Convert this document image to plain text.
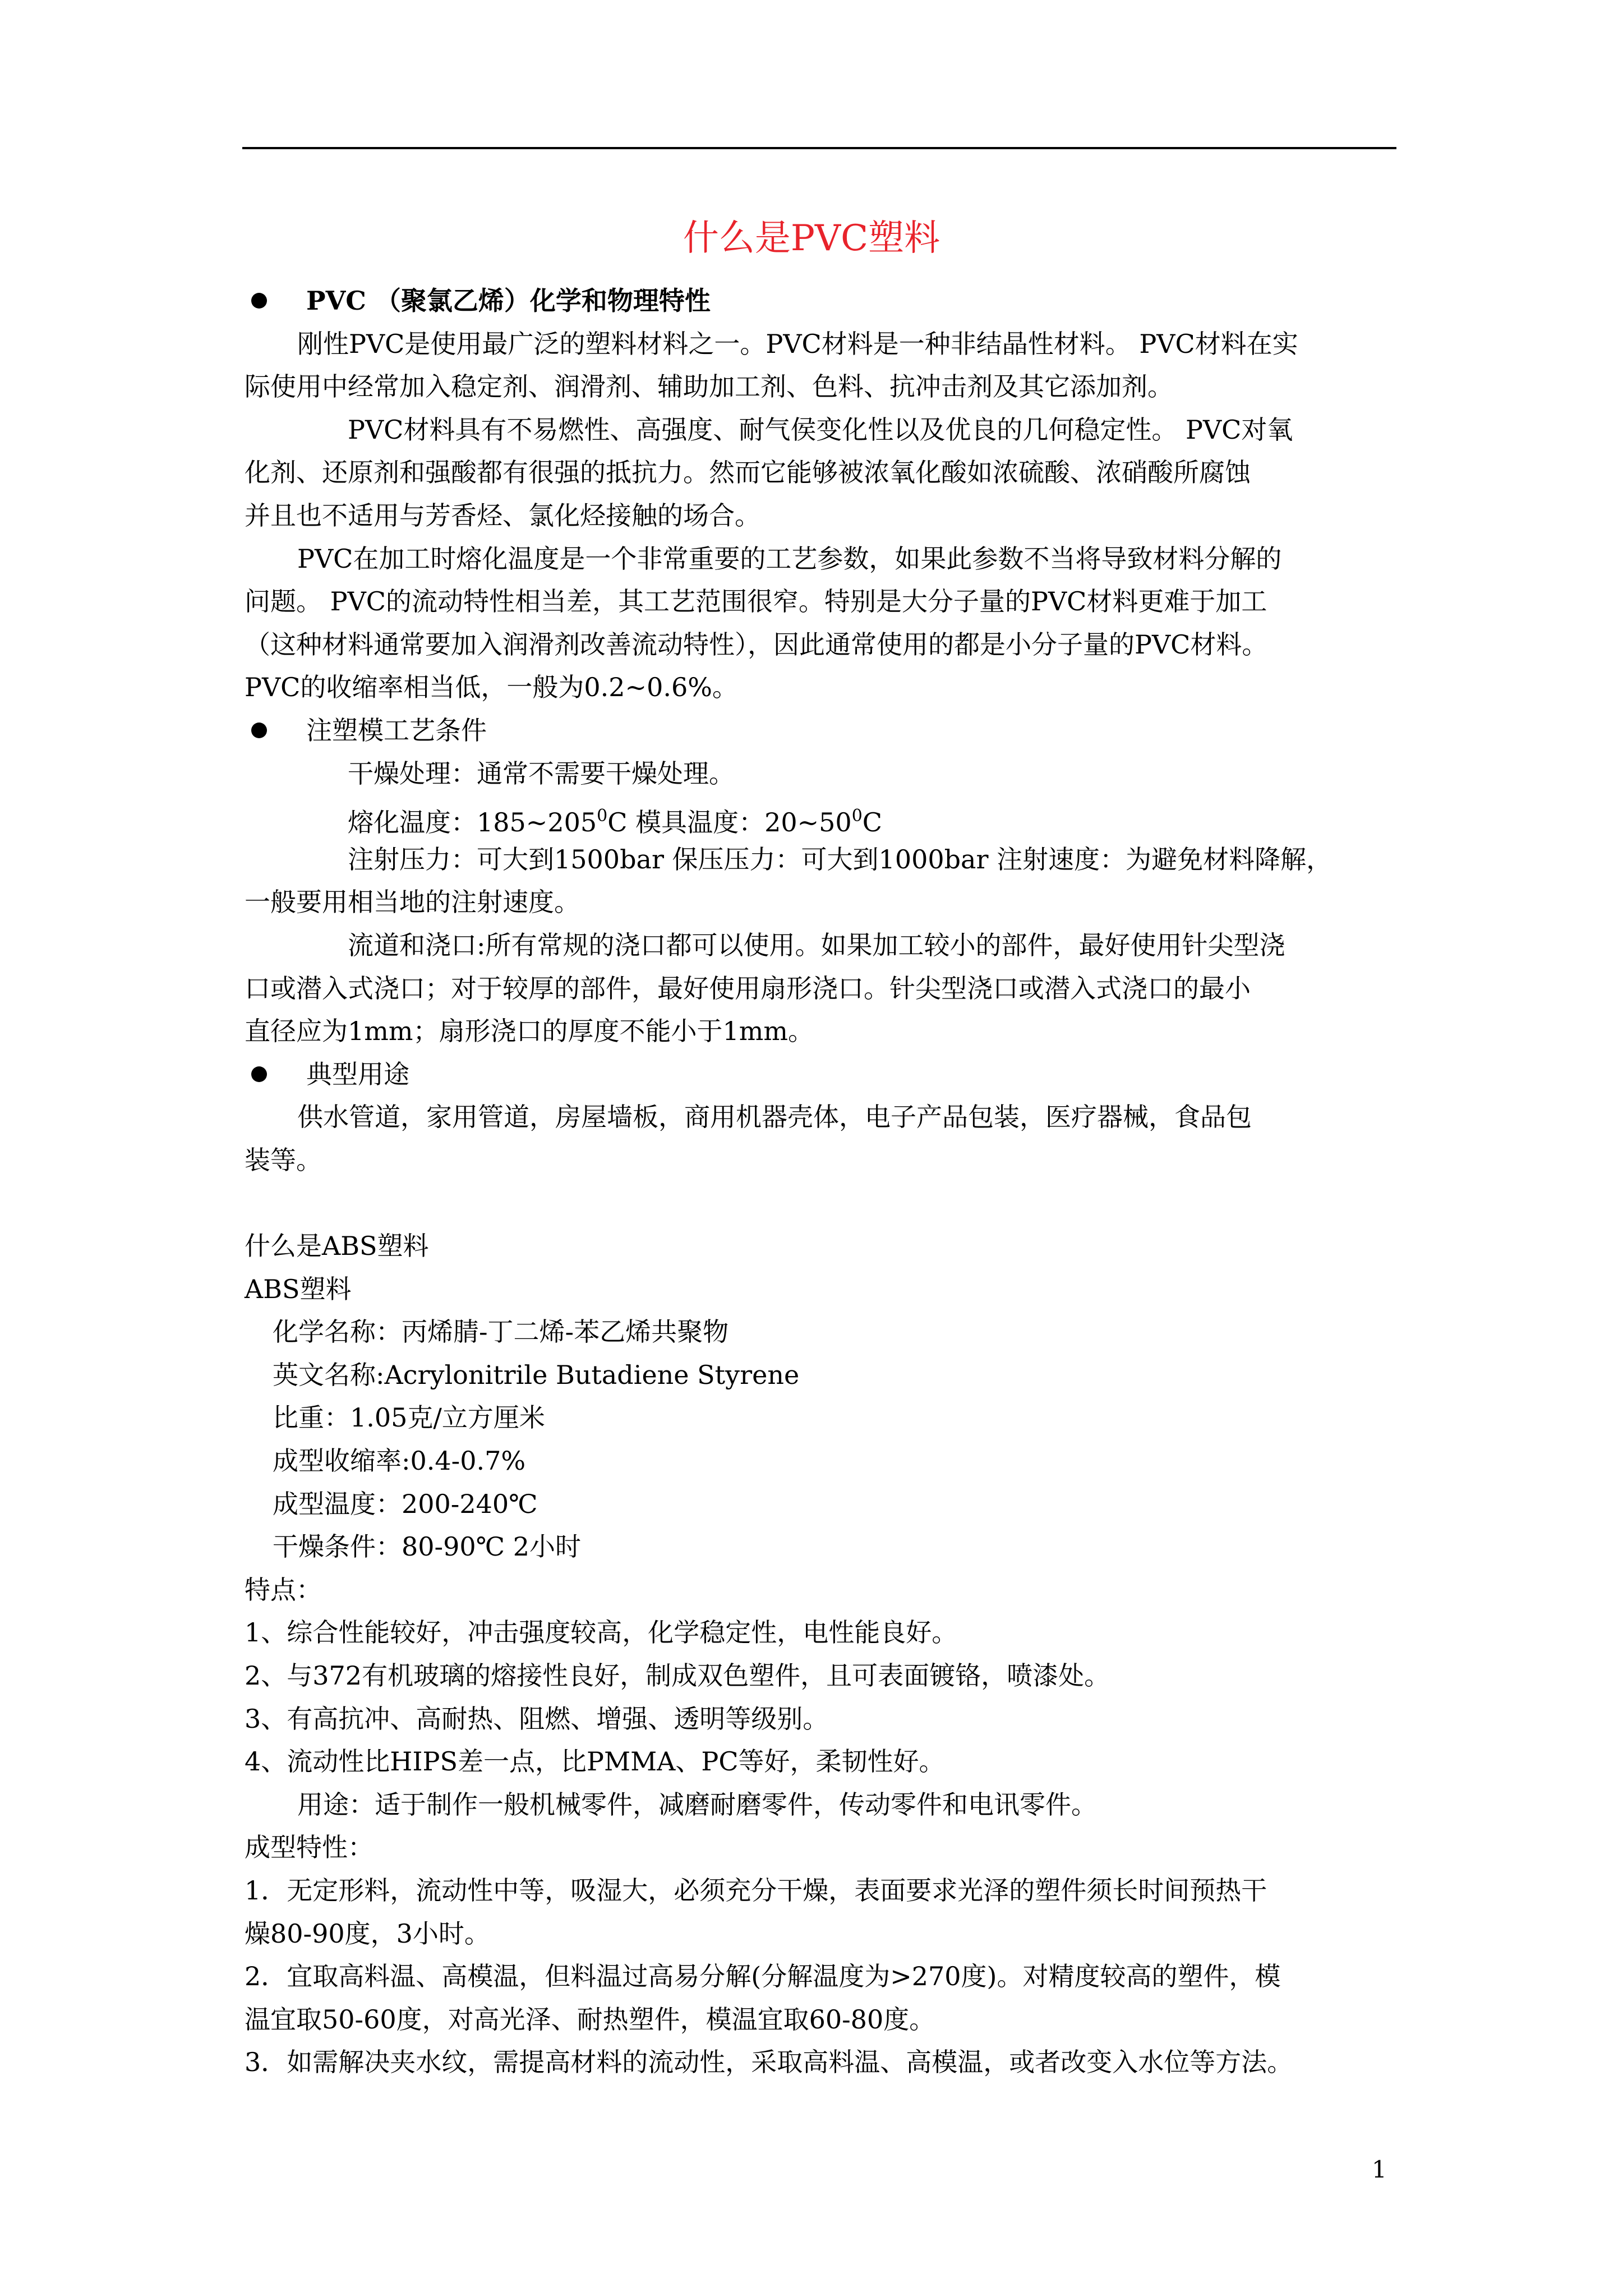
什么是PVC塑料
PVC （聚氯乙烯）化学和物理特性
刚性PVC是使用最广泛的塑料材料之一。PVC材料是一种非结晶性材料。 PVC材料在实
际使用中经常加入稳定剂、润滑剂、辅助加工剂、色料、抗冲击剂及其它添加剂。
PVC材料具有不易燃性、高强度、耐气侯变化性以及优良的几何稳定性。 PVC对氧
化剂、还原剂和强酸都有很强的抵抗力。然而它能够被浓氧化酸如浓硫酸、浓硝酸所腐蚀
并且也不适用与芳香烃、氯化烃接触的场合。
PVC在加工时熔化温度是一个非常重要的工艺参数，如果此参数不当将导致材料分解的
问题。 PVC的流动特性相当差，其工艺范围很窄。特别是大分子量的PVC材料更难于加工
（这种材料通常要加入润滑剂改善流动特性），因此通常使用的都是小分子量的PVC材料。
PVC的收缩率相当低，一般为0.2~0.6%。
注塑模工艺条件
干燥处理：通常不需要干燥处理。
熔化温度：$185\sim 205^0C$ 模具温度：$20\sim 50^0C$
注射压力：可大到1500bar 保压压力：可大到1000bar 注射速度：为避免材料降解，
一般要用相当地的注射速度。
流道和浇口:所有常规的浇口都可以使用。如果加工较小的部件，最好使用针尖型浇
口或潜入式浇口；对于较厚的部件，最好使用扇形浇口。针尖型浇口或潜入式浇口的最小
直径应为1mm；扇形浇口的厚度不能小于1mm。
典型用途
供水管道，家用管道，房屋墙板，商用机器壳体，电子产品包装，医疗器械，食品包
装等。
什么是ABS塑料
ABS塑料
化学名称：丙烯腈-丁二烯-苯乙烯共聚物
英文名称:Acrylonitrile Butadiene Styrene
比重：1.05克/立方厘米
成型收缩率:0.4-0.7%
成型温度：200-240℃
干燥条件：80-90℃ 2小时
特点：
1、综合性能较好，冲击强度较高，化学稳定性，电性能良好。
2、与372有机玻璃的熔接性良好，制成双色塑件，且可表面镀铬，喷漆处。
3、有高抗冲、高耐热、阻燃、增强、透明等级别。
4、流动性比HIPS差一点，比PMMA、PC等好，柔韧性好。
用途：适于制作一般机械零件，减磨耐磨零件，传动零件和电讯零件。
成型特性：
1．无定形料，流动性中等，吸湿大，必须充分干燥，表面要求光泽的塑件须长时间预热干
燥80-90度，3小时。
2．宜取高料温、高模温，但料温过高易分解(分解温度为>270度)。对精度较高的塑件，模
温宜取50-60度，对高光泽、耐热塑件，模温宜取60-80度。
3．如需解决夹水纹，需提高材料的流动性，采取高料温、高模温，或者改变入水位等方法。
1
